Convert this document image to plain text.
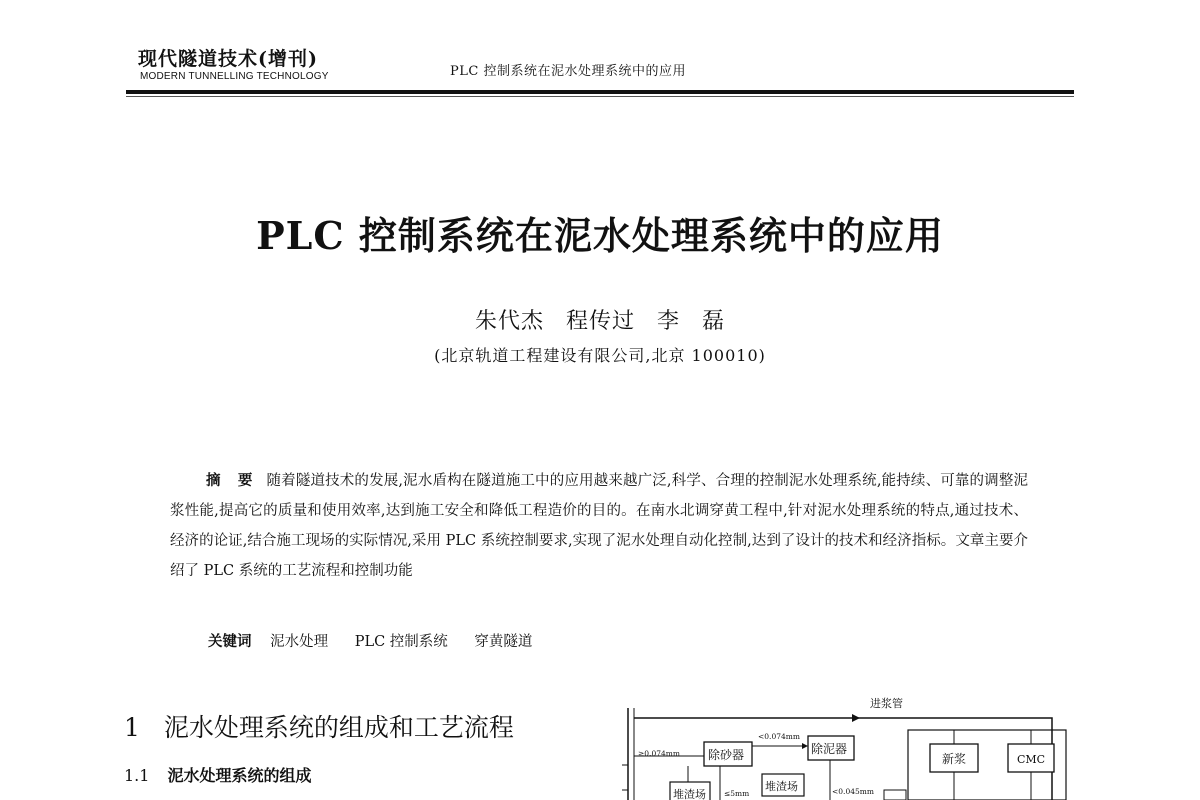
现代隧道技术(增刊)
MODERN TUNNELLING TECHNOLOGY	PLC 控制系统在泥水处理系统中的应用
PLC 控制系统在泥水处理系统中的应用
朱代杰 程传过 李 磊
(北京轨道工程建设有限公司,北京 100010)
摘 要 随着隧道技术的发展,泥水盾构在隧道施工中的应用越来越广泛,科学、合理的控制泥水处理系统,能持续、可靠的调整泥浆性能,提高它的质量和使用效率,达到施工安全和降低工程造价的目的。在南水北调穿黄工程中,针对泥水处理系统的特点,通过技术、经济的论证,结合施工现场的实际情况,采用 PLC 系统控制要求,实现了泥水处理自动化控制,达到了设计的技术和经济指标。文章主要介绍了 PLC 系统的工艺流程和控制功能
关键词 泥水处理 PLC 控制系统 穿黄隧道
1 泥水处理系统的组成和工艺流程
1.1 泥水处理系统的组成
进浆管
除砂器
<0.074mm
除泥器
≥0.074mm
堆渣场 ≤5mm
堆渣场	<0.045mm
新浆	CMC
